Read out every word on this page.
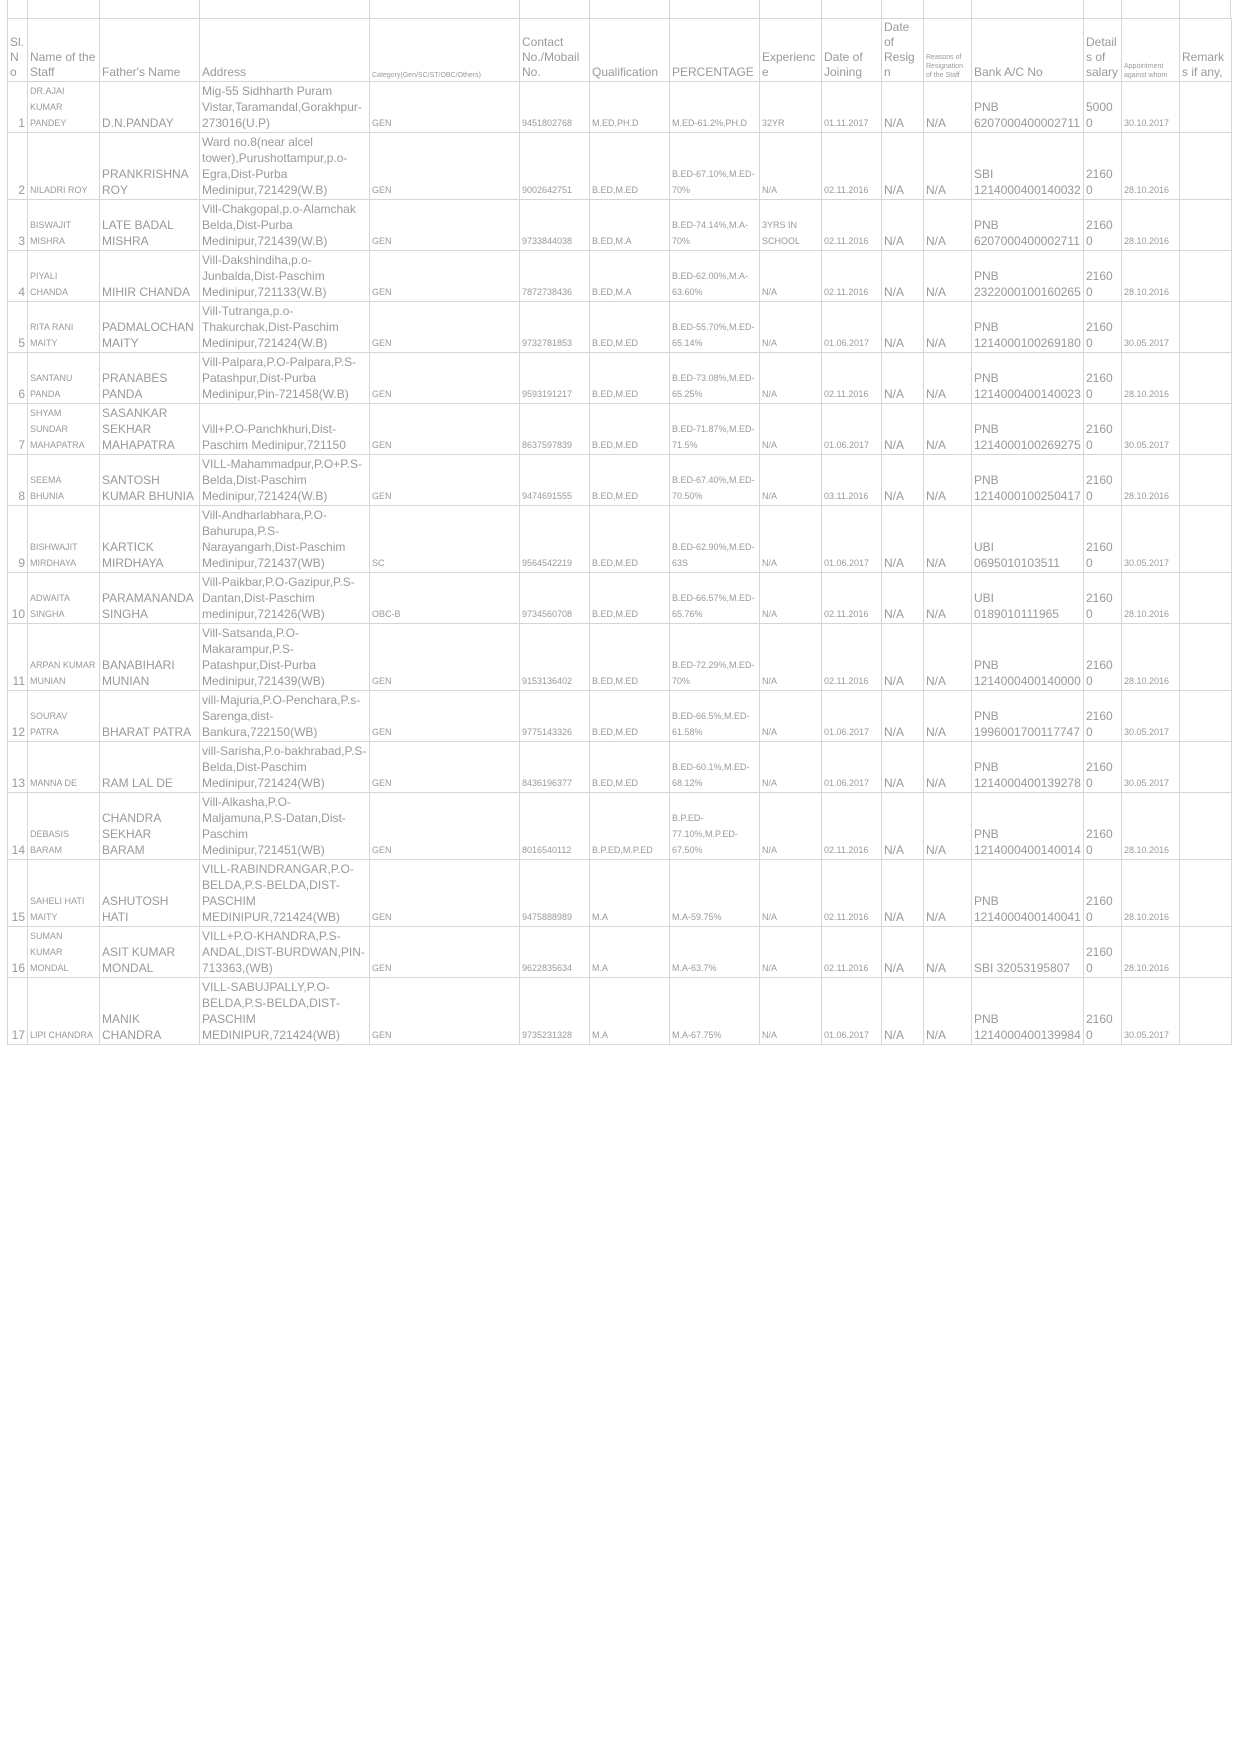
Sl. No	Name of the Staff	Father's Name	Address	Category(Gen/SC/ST/OBC/Others)	Contact No./Mobail No.	Qualification	PERCENTAGE	Experience	Date of Joining	Date of Resign	Reasons of Resignation of the Staff	Bank A/C No	Details of salary	Appointment against whom	Remarks if any,
1	DR.AJAI KUMAR PANDEY	D.N.PANDAY	Mig-55 Sidhharth Puram Vistar,Taramandal,Gorakhpur-273016(U.P)	GEN	9451802768	M.ED,PH.D	M.ED-61.2%,PH.D	32YR	01.11.2017	N/A	N/A	PNB 6207000400002711	50000	30.10.2017	
2	NILADRI ROY	PRANKRISHNA ROY	Ward no.8(near alcel tower),Purushottampur,p.o-Egra,Dist-Purba Medinipur,721429(W.B)	GEN	9002642751	B.ED,M.ED	B.ED-67.10%,M.ED-70%	N/A	02.11.2016	N/A	N/A	SBI 1214000400140032	21600	28.10.2016	
3	BISWAJIT MISHRA	LATE BADAL MISHRA	Vill-Chakgopal,p.o-Alamchak Belda,Dist-Purba Medinipur,721439(W.B)	GEN	9733844038	B.ED,M.A	B.ED-74.14%,M.A-70%	3YRS IN SCHOOL	02.11.2016	N/A	N/A	PNB 6207000400002711	21600	28.10.2016	
4	PIYALI CHANDA	MIHIR CHANDA	Vill-Dakshindiha,p.o-Junbalda,Dist-Paschim Medinipur,721133(W.B)	GEN	7872738436	B.ED,M.A	B.ED-62.00%,M.A-63.60%	N/A	02.11.2016	N/A	N/A	PNB 2322000100160265	21600	28.10.2016	
5	RITA RANI MAITY	PADMALOCHAN MAITY	Vill-Tutranga,p.o-Thakurchak,Dist-Paschim Medinipur,721424(W.B)	GEN	9732781853	B.ED,M.ED	B.ED-55.70%,M.ED-65.14%	N/A	01.06.2017	N/A	N/A	PNB 1214000100269180	21600	30.05.2017	
6	SANTANU PANDA	PRANABES PANDA	Vill-Palpara,P.O-Palpara,P.S-Patashpur,Dist-Purba Medinipur,Pin-721458(W.B)	GEN	9593191217	B.ED,M.ED	B.ED-73.08%,M.ED-65.25%	N/A	02.11.2016	N/A	N/A	PNB 1214000400140023	21600	28.10.2016	
7	SHYAM SUNDAR MAHAPATRA	SASANKAR SEKHAR MAHAPATRA	Vill+P.O-Panchkhuri,Dist-Paschim Medinipur,721150	GEN	8637597839	B.ED,M.ED	B.ED-71.87%,M.ED-71.5%	N/A	01.06.2017	N/A	N/A	PNB 1214000100269275	21600	30.05.2017	
8	SEEMA BHUNIA	SANTOSH KUMAR BHUNIA	VILL-Mahammadpur,P.O+P.S-Belda,Dist-Paschim Medinipur,721424(W.B)	GEN	9474691555	B.ED,M.ED	B.ED-67.40%,M.ED-70.50%	N/A	03.11.2016	N/A	N/A	PNB 1214000100250417	21600	28.10.2016	
9	BISHWAJIT MIRDHAYA	KARTICK MIRDHAYA	Vill-Andharlabhara,P.O-Bahurupa,P.S-Narayangarh,Dist-Paschim Medinipur,721437(WB)	SC	9564542219	B.ED,M.ED	B.ED-62.90%,M.ED-63S	N/A	01.06.2017	N/A	N/A	UBI 0695010103511	21600	30.05.2017	
10	ADWAITA SINGHA	PARAMANANDA SINGHA	Vill-Paikbar,P.O-Gazipur,P.S-Dantan,Dist-Paschim medinipur,721426(WB)	OBC-B	9734560708	B.ED,M.ED	B.ED-66.57%,M.ED-65.76%	N/A	02.11.2016	N/A	N/A	UBI 0189010111965	21600	28.10.2016	
11	ARPAN KUMAR MUNIAN	BANABIHARI MUNIAN	Vill-Satsanda,P.O-Makarampur,P.S-Patashpur,Dist-Purba Medinipur,721439(WB)	GEN	9153136402	B.ED,M.ED	B.ED-72.29%,M.ED-70%	N/A	02.11.2016	N/A	N/A	PNB 1214000400140000	21600	28.10.2016	
12	SOURAV PATRA	BHARAT PATRA	vill-Majuria,P.O-Penchara,P.s-Sarenga,dist-Bankura,722150(WB)	GEN	9775143326	B.ED,M.ED	B.ED-66.5%,M.ED-61.58%	N/A	01.06.2017	N/A	N/A	PNB 1996001700117747	21600	30.05.2017	
13	MANNA DE	RAM LAL DE	vill-Sarisha,P.o-bakhrabad,P.S-Belda,Dist-Paschim Medinipur,721424(WB)	GEN	8436196377	B.ED,M.ED	B.ED-60.1%,M.ED-68.12%	N/A	01.06.2017	N/A	N/A	PNB 1214000400139278	21600	30.05.2017	
14	DEBASIS BARAM	CHANDRA SEKHAR BARAM	Vill-Alkasha,P.O-Maljamuna,P.S-Datan,Dist-Paschim Medinipur,721451(WB)	GEN	8016540112	B.P.ED,M.P.ED	B.P.ED-77.10%,M.P.ED-67.50%	N/A	02.11.2016	N/A	N/A	PNB 1214000400140014	21600	28.10.2016	
15	SAHELI HATI MAITY	ASHUTOSH HATI	VILL-RABINDRANGAR,P.O-BELDA,P.S-BELDA,DIST-PASCHIM MEDINIPUR,721424(WB)	GEN	9475888989	M.A	M.A-59.75%	N/A	02.11.2016	N/A	N/A	PNB 1214000400140041	21600	28.10.2016	
16	SUMAN KUMAR MONDAL	ASIT KUMAR MONDAL	VILL+P.O-KHANDRA,P.S-ANDAL,DIST-BURDWAN,PIN-713363,(WB)	GEN	9622835634	M.A	M.A-63.7%	N/A	02.11.2016	N/A	N/A	SBI 32053195807	21600	28.10.2016	
17	LIPI CHANDRA	MANIK CHANDRA	VILL-SABUJPALLY,P.O-BELDA,P.S-BELDA,DIST-PASCHIM MEDINIPUR,721424(WB)	GEN	9735231328	M.A	M.A-67.75%	N/A	01.06.2017	N/A	N/A	PNB 1214000400139984	21600	30.05.2017	
